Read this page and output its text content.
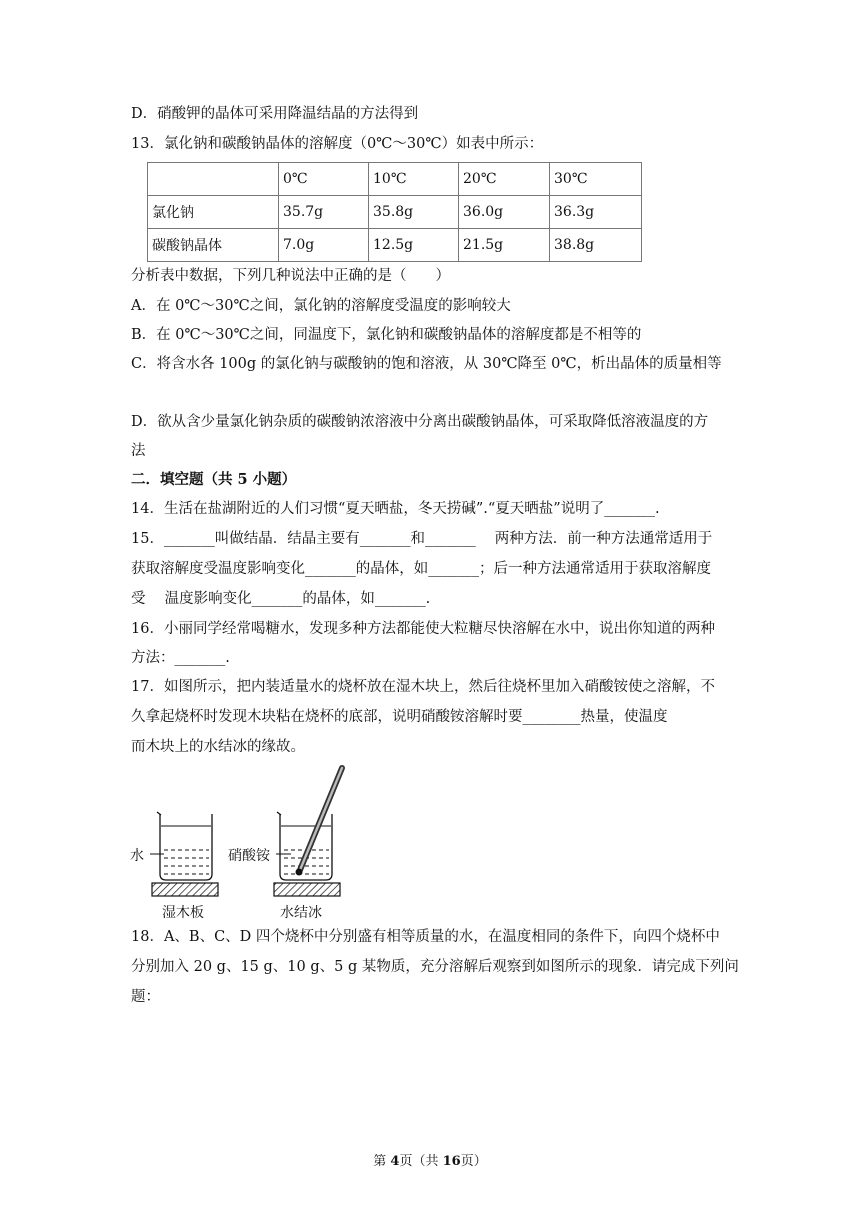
D．硝酸钾的晶体可采用降温结晶的方法得到
13．氯化钠和碳酸钠晶体的溶解度（0℃～30℃）如表中所示：
	0℃	10℃	20℃	30℃
氯化钠	35.7g	35.8g	36.0g	36.3g
碳酸钠晶体	7.0g	12.5g	21.5g	38.8g
分析表中数据，下列几种说法中正确的是（　　）
A．在 0℃～30℃之间，氯化钠的溶解度受温度的影响较大
B．在 0℃～30℃之间，同温度下，氯化钠和碳酸钠晶体的溶解度都是不相等的
C．将含水各 100g 的氯化钠与碳酸钠的饱和溶液，从 30℃降至 0℃，析出晶体的质量相等
D．欲从含少量氯化钠杂质的碳酸钠浓溶液中分离出碳酸钠晶体，可采取降低溶液温度的方
法
二．填空题（共 5 小题）
14．生活在盐湖附近的人们习惯“夏天晒盐，冬天捞碱”.“夏天晒盐”说明了_______.
15．_______叫做结晶．结晶主要有_______和_______　 两种方法．前一种方法通常适用于
获取溶解度受温度影响变化_______的晶体，如_______；后一种方法通常适用于获取溶解度
受　 温度影响变化_______的晶体，如_______.
16．小丽同学经常喝糖水，发现多种方法都能使大粒糖尽快溶解在水中，说出你知道的两种
方法：_______.
17．如图所示，把内装适量水的烧杯放在湿木块上，然后往烧杯里加入硝酸铵使之溶解，不
久拿起烧杯时发现木块粘在烧杯的底部，说明硝酸铵溶解时要________热量，使温度
而木块上的水结冰的缘故。
水
湿木板
硝酸铵
水结冰
18．A、B、C、D 四个烧杯中分别盛有相等质量的水，在温度相同的条件下，向四个烧杯中
分别加入 20 g、15 g、10 g、5 g 某物质，充分溶解后观察到如图所示的现象．请完成下列问
题：
第 4页（共 16页）
